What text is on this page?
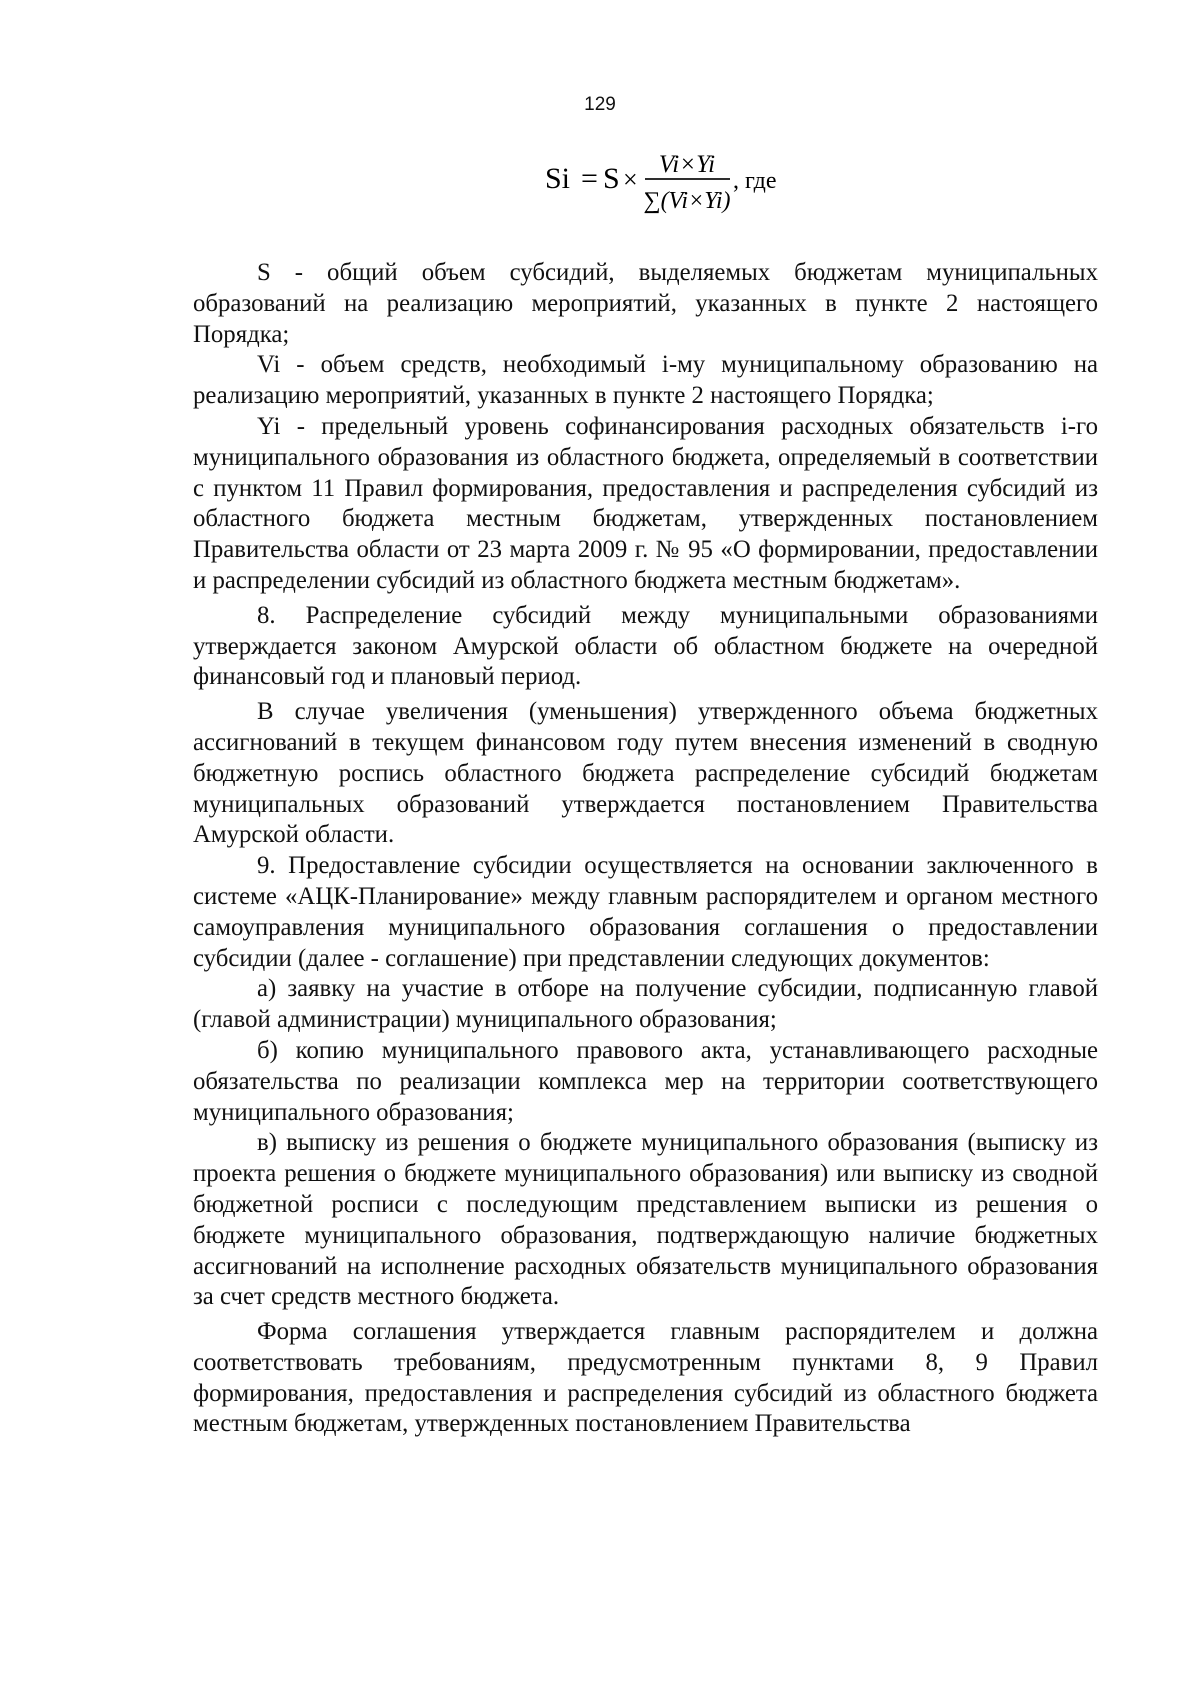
129
Si = S ×
Vi×Yi
∑(Vi×Yi)
, где

S - общий объем субсидий, выделяемых бюджетам муниципальных образований на реализацию мероприятий, указанных в пункте 2 настоящего Порядка;

Vi - объем средств, необходимый i-му муниципальному образованию на реализацию мероприятий, указанных в пункте 2 настоящего Порядка;

Yi - предельный уровень софинансирования расходных обязательств i-го муниципального образования из областного бюджета, определяемый в соответствии с пунктом 11 Правил формирования, предоставления и распределения субсидий из областного бюджета местным бюджетам, утвержденных постановлением Правительства области от 23 марта 2009 г. № 95 «О формировании, предоставлении и распределении субсидий из областного бюджета местным бюджетам».

8. Распределение субсидий между муниципальными образованиями утверждается законом Амурской области об областном бюджете на очередной финансовый год и плановый период.

В случае увеличения (уменьшения) утвержденного объема бюджетных ассигнований в текущем финансовом году путем внесения изменений в сводную бюджетную роспись областного бюджета распределение субсидий бюджетам муниципальных образований утверждается постановлением Правительства Амурской области.

9. Предоставление субсидии осуществляется на основании заключенного в системе «АЦК-Планирование» между главным распорядителем и органом местного самоуправления муниципального образования соглашения о предоставлении субсидии (далее - соглашение) при представлении следующих документов:

а) заявку на участие в отборе на получение субсидии, подписанную главой (главой администрации) муниципального образования;

б) копию муниципального правового акта, устанавливающего расходные обязательства по реализации комплекса мер на территории соответствующего муниципального образования;

в) выписку из решения о бюджете муниципального образования (выписку из проекта решения о бюджете муниципального образования) или выписку из сводной бюджетной росписи с последующим представлением выписки из решения о бюджете муниципального образования, подтверждающую наличие бюджетных ассигнований на исполнение расходных обязательств муниципального образования за счет средств местного бюджета.

Форма соглашения утверждается главным распорядителем и должна соответствовать требованиям, предусмотренным пунктами 8, 9 Правил формирования, предоставления и распределения субсидий из областного бюджета местным бюджетам, утвержденных постановлением Правительства
